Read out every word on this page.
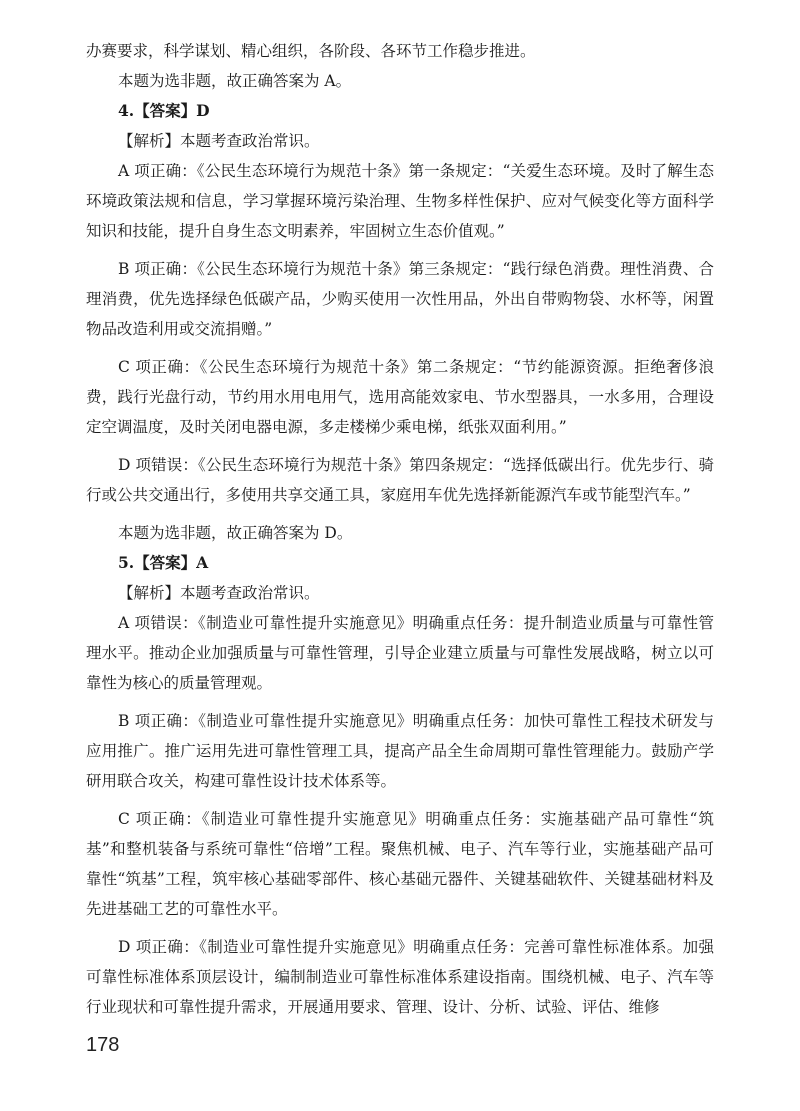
办赛要求，科学谋划、精心组织，各阶段、各环节工作稳步推进。

本题为选非题，故正确答案为 A。

4.【答案】D

【解析】本题考查政治常识。

A 项正确：《公民生态环境行为规范十条》第一条规定：“关爱生态环境。及时了解生态环境政策法规和信息，学习掌握环境污染治理、生物多样性保护、应对气候变化等方面科学知识和技能，提升自身生态文明素养，牢固树立生态价值观。”

B 项正确：《公民生态环境行为规范十条》第三条规定：“践行绿色消费。理性消费、合理消费，优先选择绿色低碳产品，少购买使用一次性用品，外出自带购物袋、水杯等，闲置物品改造利用或交流捐赠。”

C 项正确：《公民生态环境行为规范十条》第二条规定：“节约能源资源。拒绝奢侈浪费，践行光盘行动，节约用水用电用气，选用高能效家电、节水型器具，一水多用，合理设定空调温度，及时关闭电器电源，多走楼梯少乘电梯，纸张双面利用。”

D 项错误：《公民生态环境行为规范十条》第四条规定：“选择低碳出行。优先步行、骑行或公共交通出行，多使用共享交通工具，家庭用车优先选择新能源汽车或节能型汽车。”

本题为选非题，故正确答案为 D。

5.【答案】A

【解析】本题考查政治常识。

A 项错误：《制造业可靠性提升实施意见》明确重点任务：提升制造业质量与可靠性管理水平。推动企业加强质量与可靠性管理，引导企业建立质量与可靠性发展战略，树立以可靠性为核心的质量管理观。

B 项正确：《制造业可靠性提升实施意见》明确重点任务：加快可靠性工程技术研发与应用推广。推广运用先进可靠性管理工具，提高产品全生命周期可靠性管理能力。鼓励产学研用联合攻关，构建可靠性设计技术体系等。

C 项正确：《制造业可靠性提升实施意见》明确重点任务：实施基础产品可靠性“筑基”和整机装备与系统可靠性“倍增”工程。聚焦机械、电子、汽车等行业，实施基础产品可靠性“筑基”工程，筑牢核心基础零部件、核心基础元器件、关键基础软件、关键基础材料及先进基础工艺的可靠性水平。

D 项正确：《制造业可靠性提升实施意见》明确重点任务：完善可靠性标准体系。加强可靠性标准体系顶层设计，编制制造业可靠性标准体系建设指南。围绕机械、电子、汽车等行业现状和可靠性提升需求，开展通用要求、管理、设计、分析、试验、评估、维修

178
